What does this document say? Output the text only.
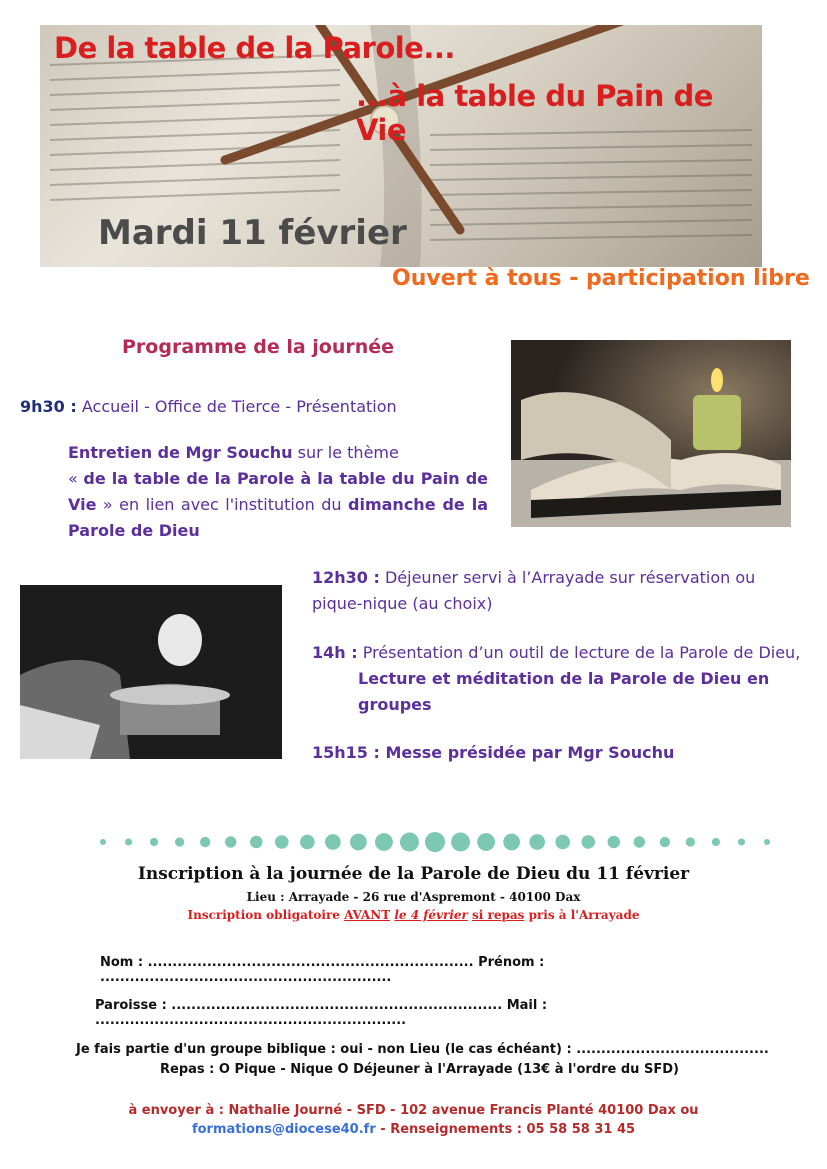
De la table de la Parole...
...à la table du Pain de Vie
Mardi 11 février
Ouvert à tous - participation libre
Programme de la journée
9h30 : Accueil - Office de Tierce - Présentation
Entretien de Mgr Souchu sur le thème
« de la table de la Parole à la table du Pain de Vie » en lien avec l'institution du dimanche de la Parole de Dieu
12h30 : Déjeuner servi à l’Arrayade sur réservation ou pique-nique (au choix)
14h : Présentation d’un outil de lecture de la Parole de Dieu,

Lecture et méditation de la Parole de Dieu en groupes
15h15 : Messe présidée par Mgr Souchu
Inscription à la journée de la Parole de Dieu du 11 février
Lieu : Arrayade - 26 rue d'Aspremont - 40100 Dax
Inscription obligatoire AVANT le 4 février si repas pris à l'Arrayade
Nom : .................................................................. Prénom : ...........................................................
Paroisse : ................................................................... Mail : ...............................................................
Je fais partie d'un groupe biblique : oui - non Lieu (le cas échéant) : .......................................
Repas : O Pique - Nique O Déjeuner à l'Arrayade (13€ à l'ordre du SFD)
à envoyer à : Nathalie Journé - SFD - 102 avenue Francis Planté 40100 Dax ou
formations@diocese40.fr - Renseignements : 05 58 58 31 45
